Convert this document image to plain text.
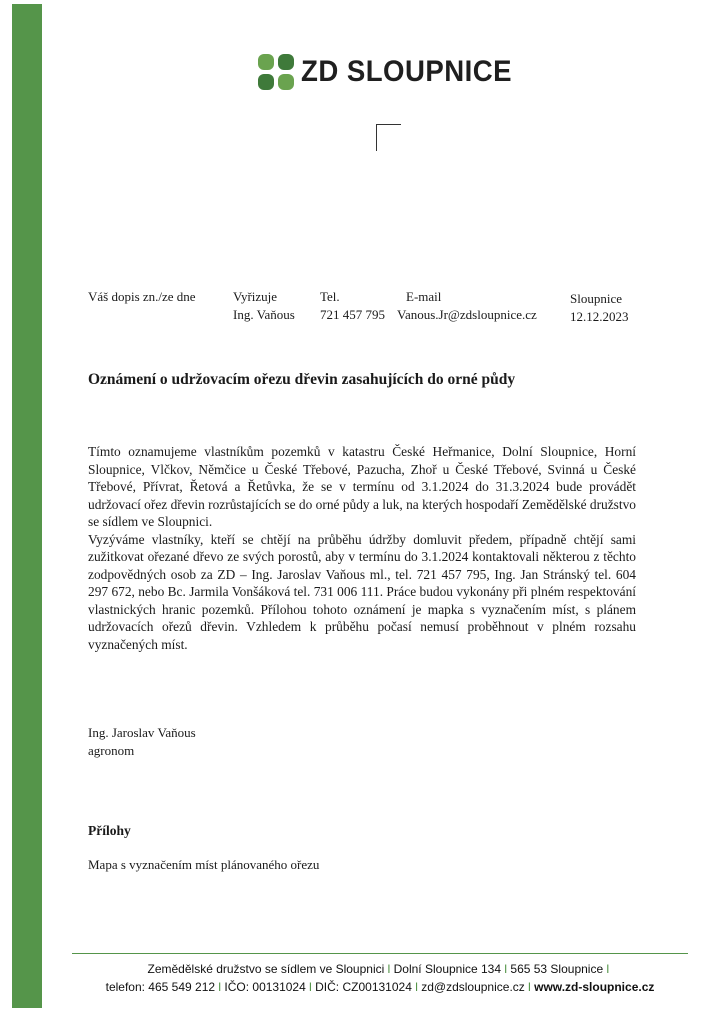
ZD SLOUPNICE
Váš dopis zn./ze dne	Vyřizuje
Ing. Vaňous
Tel.
721 457 795
E-mail
Vanous.Jr@zdsloupnice.cz
Sloupnice
12.12.2023
Oznámení o udržovacím ořezu dřevin zasahujících do orné půdy

Tímto oznamujeme vlastníkům pozemků v katastru České Heřmanice, Dolní Sloupnice, Horní Sloupnice, Vlčkov, Němčice u České Třebové, Pazucha, Zhoř u České Třebové, Svinná u České Třebové, Přívrat, Řetová a Řetůvka, že se v termínu od 3.1.2024 do 31.3.2024 bude provádět udržovací ořez dřevin rozrůstajících se do orné půdy a luk, na kterých hospodaří Zemědělské družstvo se sídlem ve Sloupnici.

Vyzýváme vlastníky, kteří se chtějí na průběhu údržby domluvit předem, případně chtějí sami zužitkovat ořezané dřevo ze svých porostů, aby v termínu do 3.1.2024 kontaktovali některou z těchto zodpovědných osob za ZD – Ing. Jaroslav Vaňous ml., tel. 721 457 795, Ing. Jan Stránský tel. 604 297 672, nebo Bc. Jarmila Vonšáková tel. 731 006 111. Práce budou vykonány při plném respektování vlastnických hranic pozemků. Přílohou tohoto oznámení je mapka s vyznačením míst, s plánem udržovacích ořezů dřevin. Vzhledem k průběhu počasí nemusí proběhnout v plném rozsahu vyznačených míst.

Ing. Jaroslav Vaňous
agronom
Přílohy
Mapa s vyznačením míst plánovaného ořezu
Zemědělské družstvo se sídlem ve Sloupnici I Dolní Sloupnice 134 I 565 53 Sloupnice I
telefon: 465 549 212 I IČO: 00131024 I DIČ: CZ00131024 I zd@zdsloupnice.cz I www.zd-sloupnice.cz
